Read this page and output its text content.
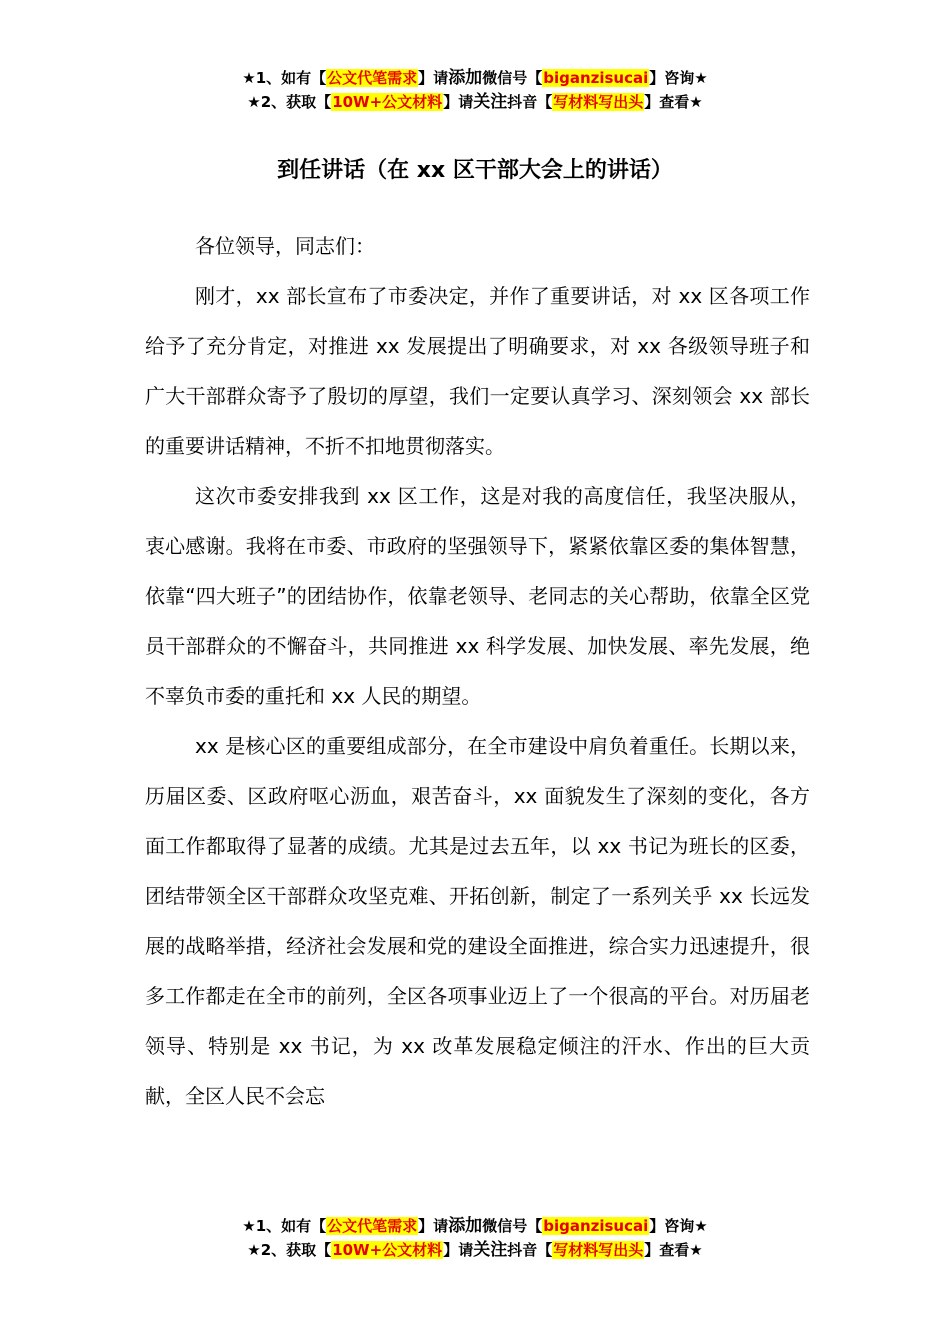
★1、如有【公文代笔需求】请添加微信号【biganzisucai】咨询★
★2、获取【10W+公文材料】请关注抖音【写材料写出头】查看★
到任讲话（在 xx 区干部大会上的讲话）

各位领导，同志们：

刚才，xx 部长宣布了市委决定，并作了重要讲话，对 xx 区各项工作给予了充分肯定，对推进 xx 发展提出了明确要求，对 xx 各级领导班子和广大干部群众寄予了殷切的厚望，我们一定要认真学习、深刻领会 xx 部长的重要讲话精神，不折不扣地贯彻落实。

这次市委安排我到 xx 区工作，这是对我的高度信任，我坚决服从，衷心感谢。我将在市委、市政府的坚强领导下，紧紧依靠区委的集体智慧，依靠“四大班子”的团结协作，依靠老领导、老同志的关心帮助，依靠全区党员干部群众的不懈奋斗，共同推进 xx 科学发展、加快发展、率先发展，绝不辜负市委的重托和 xx 人民的期望。

xx 是核心区的重要组成部分，在全市建设中肩负着重任。长期以来，历届区委、区政府呕心沥血，艰苦奋斗，xx 面貌发生了深刻的变化，各方面工作都取得了显著的成绩。尤其是过去五年，以 xx 书记为班长的区委，团结带领全区干部群众攻坚克难、开拓创新，制定了一系列关乎 xx 长远发展的战略举措，经济社会发展和党的建设全面推进，综合实力迅速提升，很多工作都走在全市的前列，全区各项事业迈上了一个很高的平台。对历届老领导、特别是 xx 书记，为 xx 改革发展稳定倾注的汗水、作出的巨大贡献，全区人民不会忘

★1、如有【公文代笔需求】请添加微信号【biganzisucai】咨询★
★2、获取【10W+公文材料】请关注抖音【写材料写出头】查看★
